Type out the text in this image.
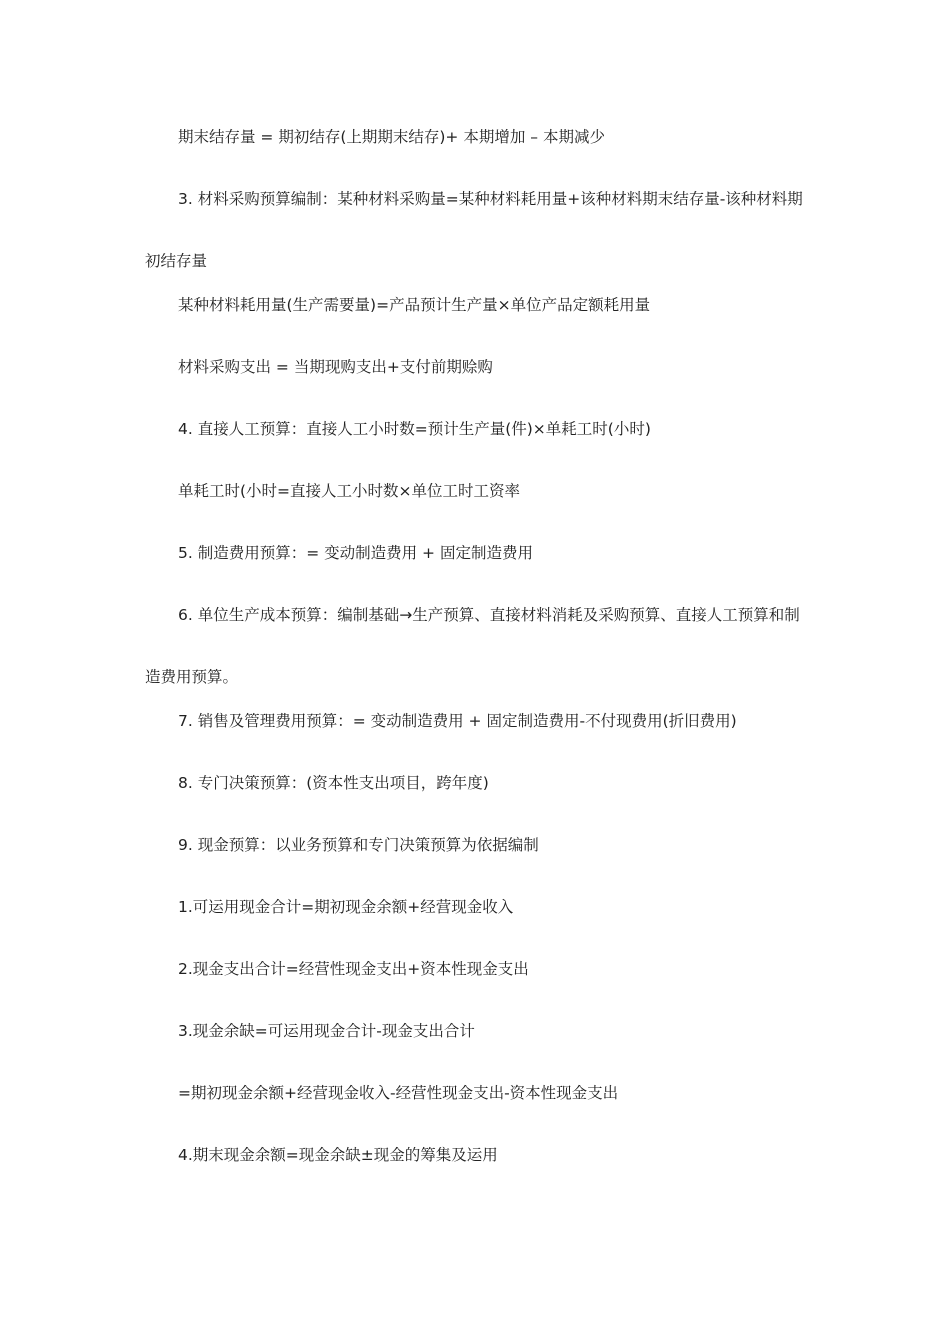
期末结存量 = 期初结存(上期期末结存)+ 本期增加 – 本期减少

3. 材料采购预算编制：某种材料采购量=某种材料耗用量+该种材料期末结存量-该种材料期初结存量

某种材料耗用量(生产需要量)=产品预计生产量×单位产品定额耗用量

材料采购支出 = 当期现购支出+支付前期赊购

4. 直接人工预算：直接人工小时数=预计生产量(件)×单耗工时(小时)

单耗工时(小时=直接人工小时数×单位工时工资率

5. 制造费用预算：= 变动制造费用 + 固定制造费用

6. 单位生产成本预算：编制基础→生产预算、直接材料消耗及采购预算、直接人工预算和制造费用预算。

7. 销售及管理费用预算：= 变动制造费用 + 固定制造费用-不付现费用(折旧费用)

8. 专门决策预算：(资本性支出项目，跨年度)

9. 现金预算：以业务预算和专门决策预算为依据编制

1.可运用现金合计=期初现金余额+经营现金收入

2.现金支出合计=经营性现金支出+资本性现金支出

3.现金余缺=可运用现金合计-现金支出合计

=期初现金余额+经营现金收入-经营性现金支出-资本性现金支出

4.期末现金余额=现金余缺±现金的筹集及运用
